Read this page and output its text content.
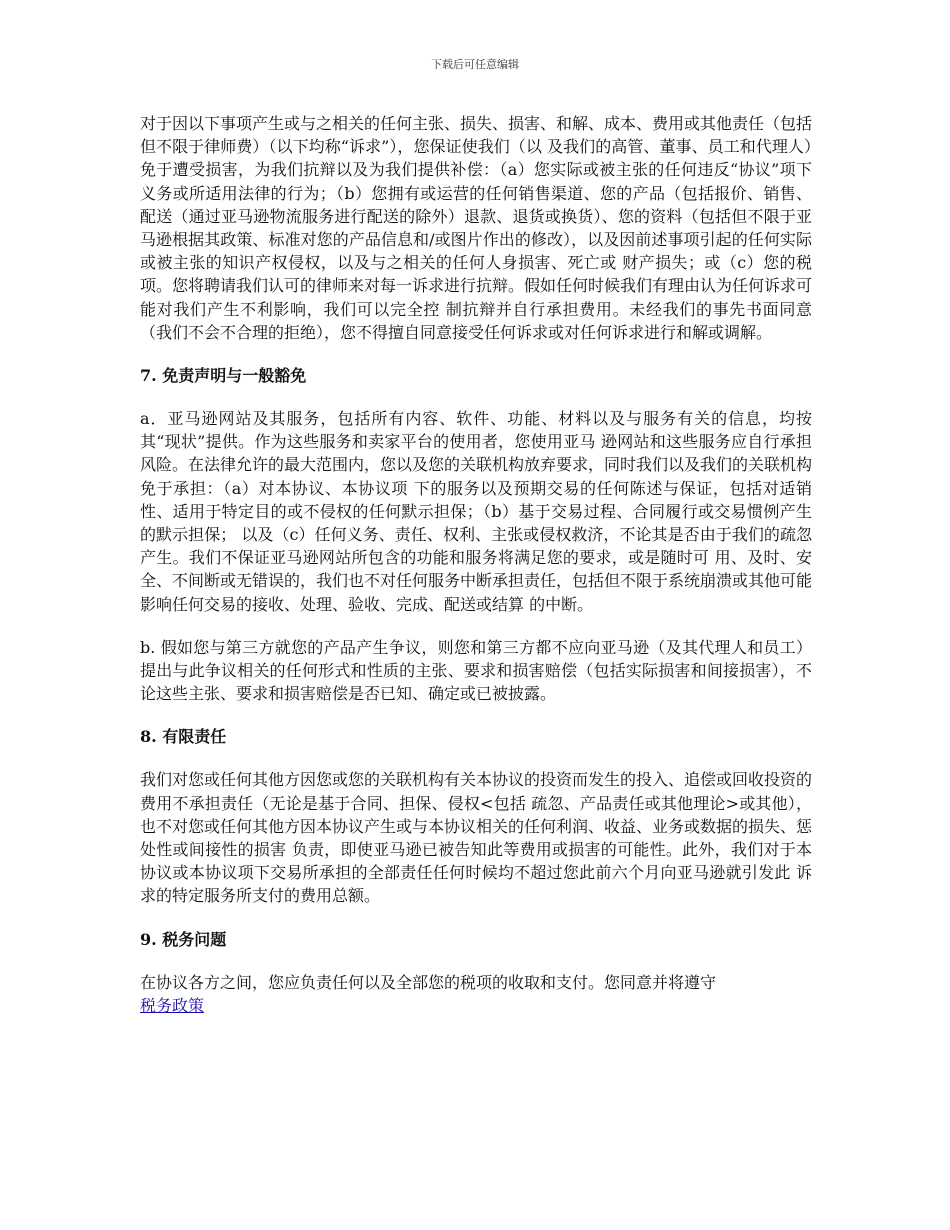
下载后可任意编辑

对于因以下事项产生或与之相关的任何主张、损失、损害、和解、成本、费用或其他责任（包括但不限于律师费）（以下均称“诉求”），您保证使我们（以 及我们的高管、董事、员工和代理人）免于遭受损害，为我们抗辩以及为我们提供补偿：（a）您实际或被主张的任何违反“协议”项下义务或所适用法律的行为；（b）您拥有或运营的任何销售渠道、您的产品（包括报价、销售、配送（通过亚马逊物流服务进行配送的除外）退款、退货或换货）、您的资料（包括但不限于亚 马逊根据其政策、标准对您的产品信息和/或图片作出的修改），以及因前述事项引起的任何实际或被主张的知识产权侵权，以及与之相关的任何人身损害、死亡或 财产损失；或（c）您的税项。您将聘请我们认可的律师来对每一诉求进行抗辩。假如任何时候我们有理由认为任何诉求可能对我们产生不利影响，我们可以完全控 制抗辩并自行承担费用。未经我们的事先书面同意（我们不会不合理的拒绝），您不得擅自同意接受任何诉求或对任何诉求进行和解或调解。

7. 免责声明与一般豁免

a．亚马逊网站及其服务，包括所有内容、软件、功能、材料以及与服务有关的信息，均按其“现状”提供。作为这些服务和卖家平台的使用者，您使用亚马 逊网站和这些服务应自行承担风险。在法律允许的最大范围内，您以及您的关联机构放弃要求，同时我们以及我们的关联机构免于承担：（a）对本协议、本协议项 下的服务以及预期交易的任何陈述与保证，包括对适销性、适用于特定目的或不侵权的任何默示担保；（b）基于交易过程、合同履行或交易惯例产生的默示担保； 以及（c）任何义务、责任、权利、主张或侵权救济，不论其是否由于我们的疏忽产生。我们不保证亚马逊网站所包含的功能和服务将满足您的要求，或是随时可 用、及时、安全、不间断或无错误的，我们也不对任何服务中断承担责任，包括但不限于系统崩溃或其他可能影响任何交易的接收、处理、验收、完成、配送或结算 的中断。

b. 假如您与第三方就您的产品产生争议，则您和第三方都不应向亚马逊（及其代理人和员工）提出与此争议相关的任何形式和性质的主张、要求和损害赔偿（包括实际损害和间接损害），不论这些主张、要求和损害赔偿是否已知、确定或已被披露。

8. 有限责任

我们对您或任何其他方因您或您的关联机构有关本协议的投资而发生的投入、追偿或回收投资的费用不承担责任（无论是基于合同、担保、侵权<包括 疏忽、产品责任或其他理论>或其他），也不对您或任何其他方因本协议产生或与本协议相关的任何利润、收益、业务或数据的损失、惩处性或间接性的损害 负责，即使亚马逊已被告知此等费用或损害的可能性。此外，我们对于本协议或本协议项下交易所承担的全部责任任何时候均不超过您此前六个月向亚马逊就引发此 诉求的特定服务所支付的费用总额。

9. 税务问题

在协议各方之间，您应负责任何以及全部您的税项的收取和支付。您同意并将遵守
税务政策
